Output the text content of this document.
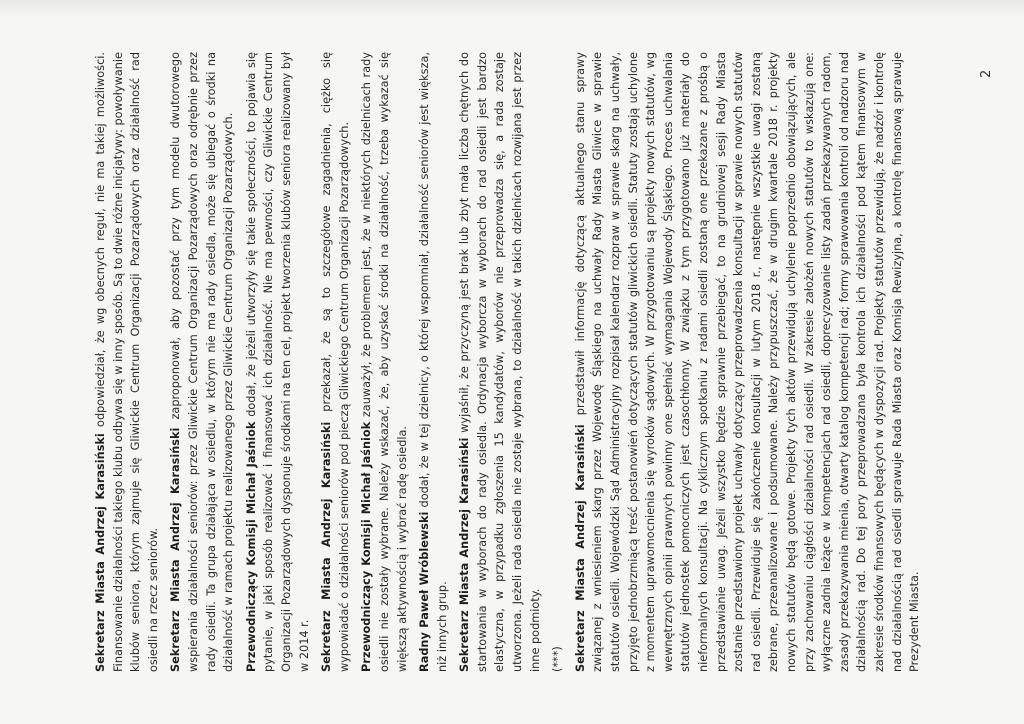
2

Sekretarz Miasta Andrzej Karasiński odpowiedział, że wg obecnych reguł, nie ma takiej możliwości. Finansowanie działalności takiego klubu odbywa się w inny sposób. Są to dwie różne inicjatywy: powoływanie klubów seniora, którym zajmuje się Gliwickie Centrum Organizacji Pozarządowych oraz działalność rad osiedli na rzecz seniorów. Sekretarz Miasta Andrzej Karasiński zaproponował, aby pozostać przy tym modelu dwutorowego wspierania działalności seniorów: przez Gliwickie Centrum Organizacji Pozarządowych oraz odrębnie przez rady osiedli. Ta grupa działająca w osiedlu, w którym nie ma rady osiedla, może się ubiegać o środki na działalność w ramach projektu realizowanego przez Gliwickie Centrum Organizacji Pozarządowych. Przewodniczący Komisji Michał Jaśniok dodał, że jeżeli utworzyły się takie społeczności, to pojawia się pytanie, w jaki sposób realizować i finansować ich działalność. Nie ma pewności, czy Gliwickie Centrum Organizacji Pozarządowych dysponuje środkami na ten cel, projekt tworzenia klubów seniora realizowany był w 2014 r. Sekretarz Miasta Andrzej Karasiński przekazał, że są to szczegółowe zagadnienia, ciężko się wypowiadać o działalności seniorów pod pieczą Gliwickiego Centrum Organizacji Pozarządowych. Przewodniczący Komisji Michał Jaśniok zauważył, że problemem jest, że w niektórych dzielnicach rady osiedli nie zostały wybrane. Należy wskazać, że, aby uzyskać środki na działalność, trzeba wykazać się większą aktywnością i wybrać radę osiedla. Radny Paweł Wróblewski dodał, że w tej dzielnicy, o której wspomniał, działalność seniorów jest większa, niż innych grup. Sekretarz Miasta Andrzej Karasiński wyjaśnił, że przyczyną jest brak lub zbyt mała liczba chętnych do startowania w wyborach do rady osiedla. Ordynacja wyborcza w wyborach do rad osiedli jest bardzo elastyczna, w przypadku zgłoszenia 15 kandydatów, wyborów nie przeprowadza się, a rada zostaje utworzona. Jeżeli rada osiedla nie zostaje wybrana, to działalność w takich dzielnicach rozwijana jest przez inne podmioty. (***) Sekretarz Miasta Andrzej Karasiński przedstawił informację dotyczącą aktualnego stanu sprawy związanej z wniesieniem skarg przez Wojewodę Śląskiego na uchwały Rady Miasta Gliwice w sprawie statutów osiedli. Wojewódzki Sąd Administracyjny rozpisał kalendarz rozpraw w sprawie skarg na uchwały, przyjęto jednobrzmiącą treść postanowień dotyczących statutów gliwickich osiedli. Statuty zostają uchylone z momentem uprawomocnienia się wyroków sądowych. W przygotowaniu są projekty nowych statutów, wg wewnętrznych opinii prawnych powinny one spełniać wymagania Wojewody Śląskiego. Proces uchwalania statutów jednostek pomocniczych jest czasochłonny. W związku z tym przygotowano już materiały do nieformalnych konsultacji. Na cyklicznym spotkaniu z radami osiedli zostaną one przekazane z prośbą o przedstawianie uwag. Jeżeli wszystko będzie sprawnie przebiegać, to na grudniowej sesji Rady Miasta zostanie przedstawiony projekt uchwały dotyczący przeprowadzenia konsultacji w sprawie nowych statutów rad osiedli. Przewiduje się zakończenie konsultacji w lutym 2018 r., następnie wszystkie uwagi zostaną zebrane, przeanalizowane i podsumowane. Należy przypuszczać, że w drugim kwartale 2018 r. projekty nowych statutów będą gotowe. Projekty tych aktów przewidują uchylenie poprzednio obowiązujących, ale przy zachowaniu ciągłości działalności rad osiedli. W zakresie założeń nowych statutów to wskazują one: wyłączne zadnia leżące w kompetencjach rad osiedli, doprecyzowanie listy zadań przekazywanych radom, zasady przekazywania mienia, otwarty katalog kompetencji rad; formy sprawowania kontroli od nadzoru nad działalnością rad. Do tej pory przeprowadzana była kontrola ich działalności pod kątem finansowym w zakresie środków finansowych będących w dyspozycji rad. Projekty statutów przewidują, że nadzór i kontrolę nad działalnością rad osiedli sprawuje Rada Miasta oraz Komisja Rewizyjna, a kontrolę finansową sprawuje Prezydent Miasta.
